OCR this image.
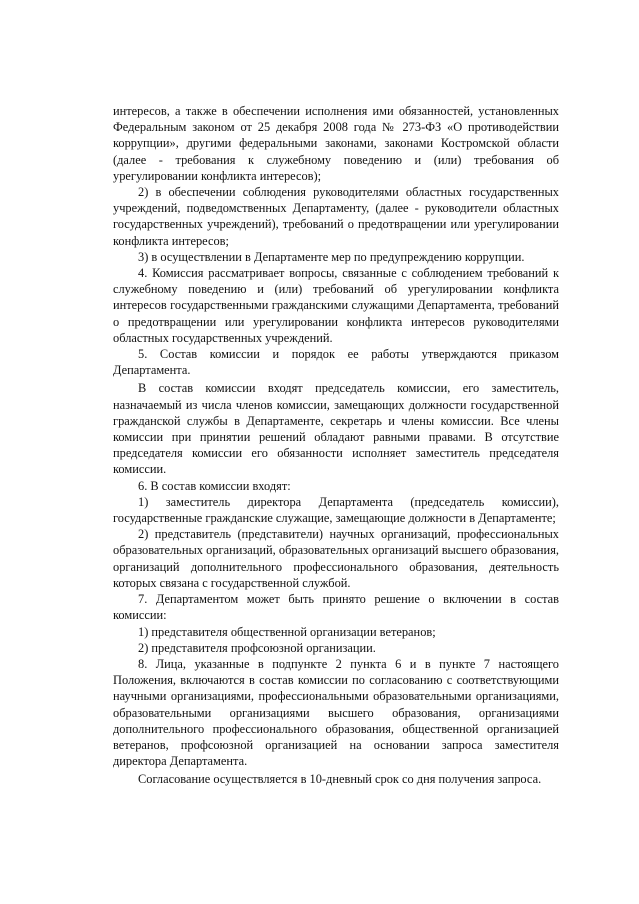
интересов, а также в обеспечении исполнения ими обязанностей, установленных Федеральным законом от 25 декабря 2008 года № 273-ФЗ «О противодействии коррупции», другими федеральными законами, законами Костромской области (далее - требования к служебному поведению и (или) требования об урегулировании конфликта интересов);

2) в обеспечении соблюдения руководителями областных государственных учреждений, подведомственных Департаменту, (далее - руководители областных государственных учреждений), требований о предотвращении или урегулировании конфликта интересов;

3) в осуществлении в Департаменте мер по предупреждению коррупции.

4. Комиссия рассматривает вопросы, связанные с соблюдением требований к служебному поведению и (или) требований об урегулировании конфликта интересов государственными гражданскими служащими Департамента, требований о предотвращении или урегулировании конфликта интересов руководителями областных государственных учреждений.

5. Состав комиссии и порядок ее работы утверждаются приказом Департамента.

В состав комиссии входят председатель комиссии, его заместитель, назначаемый из числа членов комиссии, замещающих должности государственной гражданской службы в Департаменте, секретарь и члены комиссии. Все члены комиссии при принятии решений обладают равными правами. В отсутствие председателя комиссии его обязанности исполняет заместитель председателя комиссии.

6. В состав комиссии входят:

1) заместитель директора Департамента (председатель комиссии), государственные гражданские служащие, замещающие должности в Департаменте;

2) представитель (представители) научных организаций, профессиональных образовательных организаций, образовательных организаций высшего образования, организаций дополнительного профессионального образования, деятельность которых связана с государственной службой.

7. Департаментом может быть принято решение о включении в состав комиссии:

1) представителя общественной организации ветеранов;

2) представителя профсоюзной организации.

8. Лица, указанные в подпункте 2 пункта 6 и в пункте 7 настоящего Положения, включаются в состав комиссии по согласованию с соответствующими научными организациями, профессиональными образовательными организациями, образовательными организациями высшего образования, организациями дополнительного профессионального образования, общественной организацией ветеранов, профсоюзной организацией на основании запроса заместителя директора Департамента.

Согласование осуществляется в 10-дневный срок со дня получения запроса.
